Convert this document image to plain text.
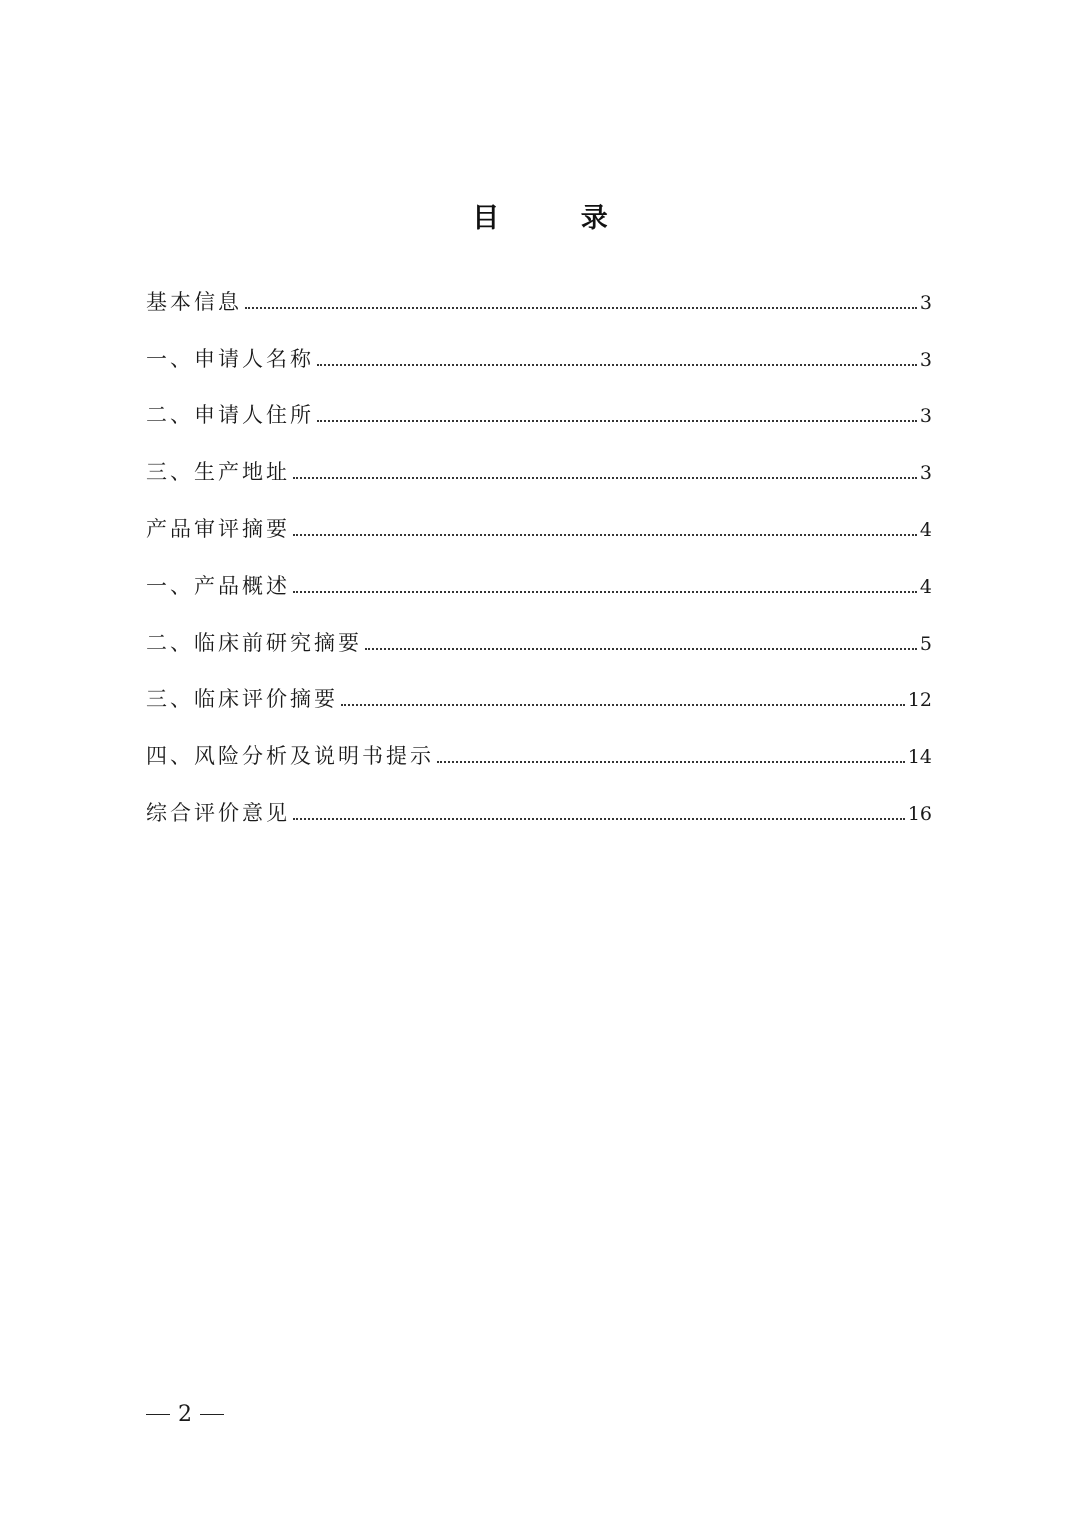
目 录
基本信息	3
一、申请人名称	3
二、申请人住所	3
三、生产地址	3
产品审评摘要	4
一、产品概述	4
二、临床前研究摘要	5
三、临床评价摘要	12
四、风险分析及说明书提示	14
综合评价意见	16
2
